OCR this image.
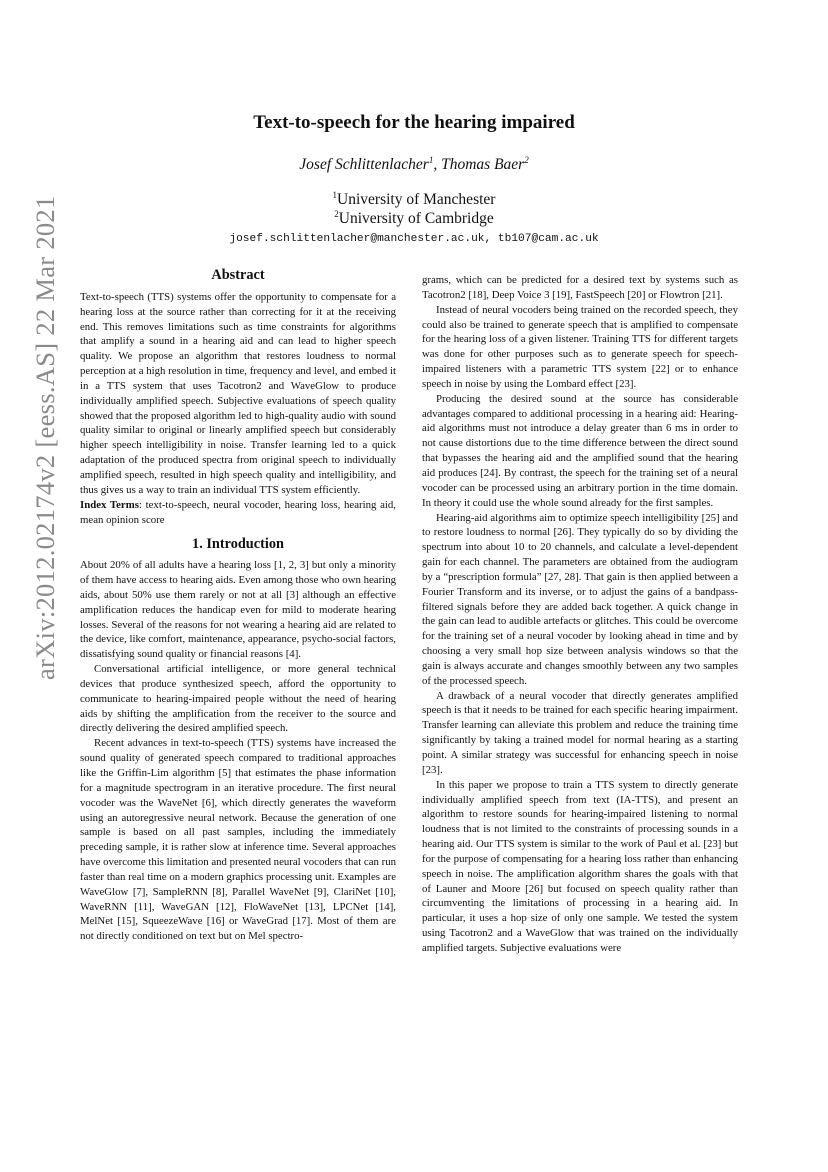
arXiv:2012.02174v2 [eess.AS] 22 Mar 2021
Text-to-speech for the hearing impaired
Josef Schlittenlacher$^1$, Thomas Baer$^2$
$^1$University of Manchester
$^2$University of Cambridge
josef.schlittenlacher@manchester.ac.uk, tb107@cam.ac.uk
Abstract

Text-to-speech (TTS) systems offer the opportunity to compensate for a hearing loss at the source rather than correcting for it at the receiving end. This removes limitations such as time constraints for algorithms that amplify a sound in a hearing aid and can lead to higher speech quality. We propose an algorithm that restores loudness to normal perception at a high resolution in time, frequency and level, and embed it in a TTS system that uses Tacotron2 and WaveGlow to produce individually amplified speech. Subjective evaluations of speech quality showed that the proposed algorithm led to high-quality audio with sound quality similar to original or linearly amplified speech but considerably higher speech intelligibility in noise. Transfer learning led to a quick adaptation of the produced spectra from original speech to individually amplified speech, resulted in high speech quality and intelligibility, and thus gives us a way to train an individual TTS system efficiently.

Index Terms: text-to-speech, neural vocoder, hearing loss, hearing aid, mean opinion score

1. Introduction

About 20% of all adults have a hearing loss [1, 2, 3] but only a minority of them have access to hearing aids. Even among those who own hearing aids, about 50% use them rarely or not at all [3] although an effective amplification reduces the handicap even for mild to moderate hearing losses. Several of the reasons for not wearing a hearing aid are related to the device, like comfort, maintenance, appearance, psycho-social factors, dissatisfying sound quality or financial reasons [4].

Conversational artificial intelligence, or more general technical devices that produce synthesized speech, afford the opportunity to communicate to hearing-impaired people without the need of hearing aids by shifting the amplification from the receiver to the source and directly delivering the desired amplified speech.

Recent advances in text-to-speech (TTS) systems have increased the sound quality of generated speech compared to traditional approaches like the Griffin-Lim algorithm [5] that estimates the phase information for a magnitude spectrogram in an iterative procedure. The first neural vocoder was the WaveNet [6], which directly generates the waveform using an autoregressive neural network. Because the generation of one sample is based on all past samples, including the immediately preceding sample, it is rather slow at inference time. Several approaches have overcome this limitation and presented neural vocoders that can run faster than real time on a modern graphics processing unit. Examples are WaveGlow [7], SampleRNN [8], Parallel WaveNet [9], ClariNet [10], WaveRNN [11], WaveGAN [12], FloWaveNet [13], LPCNet [14], MelNet [15], SqueezeWave [16] or WaveGrad [17]. Most of them are not directly conditioned on text but on Mel spectro-

grams, which can be predicted for a desired text by systems such as Tacotron2 [18], Deep Voice 3 [19], FastSpeech [20] or Flowtron [21].

Instead of neural vocoders being trained on the recorded speech, they could also be trained to generate speech that is amplified to compensate for the hearing loss of a given listener. Training TTS for different targets was done for other purposes such as to generate speech for speech-impaired listeners with a parametric TTS system [22] or to enhance speech in noise by using the Lombard effect [23].

Producing the desired sound at the source has considerable advantages compared to additional processing in a hearing aid: Hearing-aid algorithms must not introduce a delay greater than 6 ms in order to not cause distortions due to the time difference between the direct sound that bypasses the hearing aid and the amplified sound that the hearing aid produces [24]. By contrast, the speech for the training set of a neural vocoder can be processed using an arbitrary portion in the time domain. In theory it could use the whole sound already for the first samples.

Hearing-aid algorithms aim to optimize speech intelligibility [25] and to restore loudness to normal [26]. They typically do so by dividing the spectrum into about 10 to 20 channels, and calculate a level-dependent gain for each channel. The parameters are obtained from the audiogram by a “prescription formula” [27, 28]. That gain is then applied between a Fourier Transform and its inverse, or to adjust the gains of a bandpass-filtered signals before they are added back together. A quick change in the gain can lead to audible artefacts or glitches. This could be overcome for the training set of a neural vocoder by looking ahead in time and by choosing a very small hop size between analysis windows so that the gain is always accurate and changes smoothly between any two samples of the processed speech.

A drawback of a neural vocoder that directly generates amplified speech is that it needs to be trained for each specific hearing impairment. Transfer learning can alleviate this problem and reduce the training time significantly by taking a trained model for normal hearing as a starting point. A similar strategy was successful for enhancing speech in noise [23].

In this paper we propose to train a TTS system to directly generate individually amplified speech from text (IA-TTS), and present an algorithm to restore sounds for hearing-impaired listening to normal loudness that is not limited to the constraints of processing sounds in a hearing aid. Our TTS system is similar to the work of Paul et al. [23] but for the purpose of compensating for a hearing loss rather than enhancing speech in noise. The amplification algorithm shares the goals with that of Launer and Moore [26] but focused on speech quality rather than circumventing the limitations of processing in a hearing aid. In particular, it uses a hop size of only one sample. We tested the system using Tacotron2 and a WaveGlow that was trained on the individually amplified targets. Subjective evaluations were
